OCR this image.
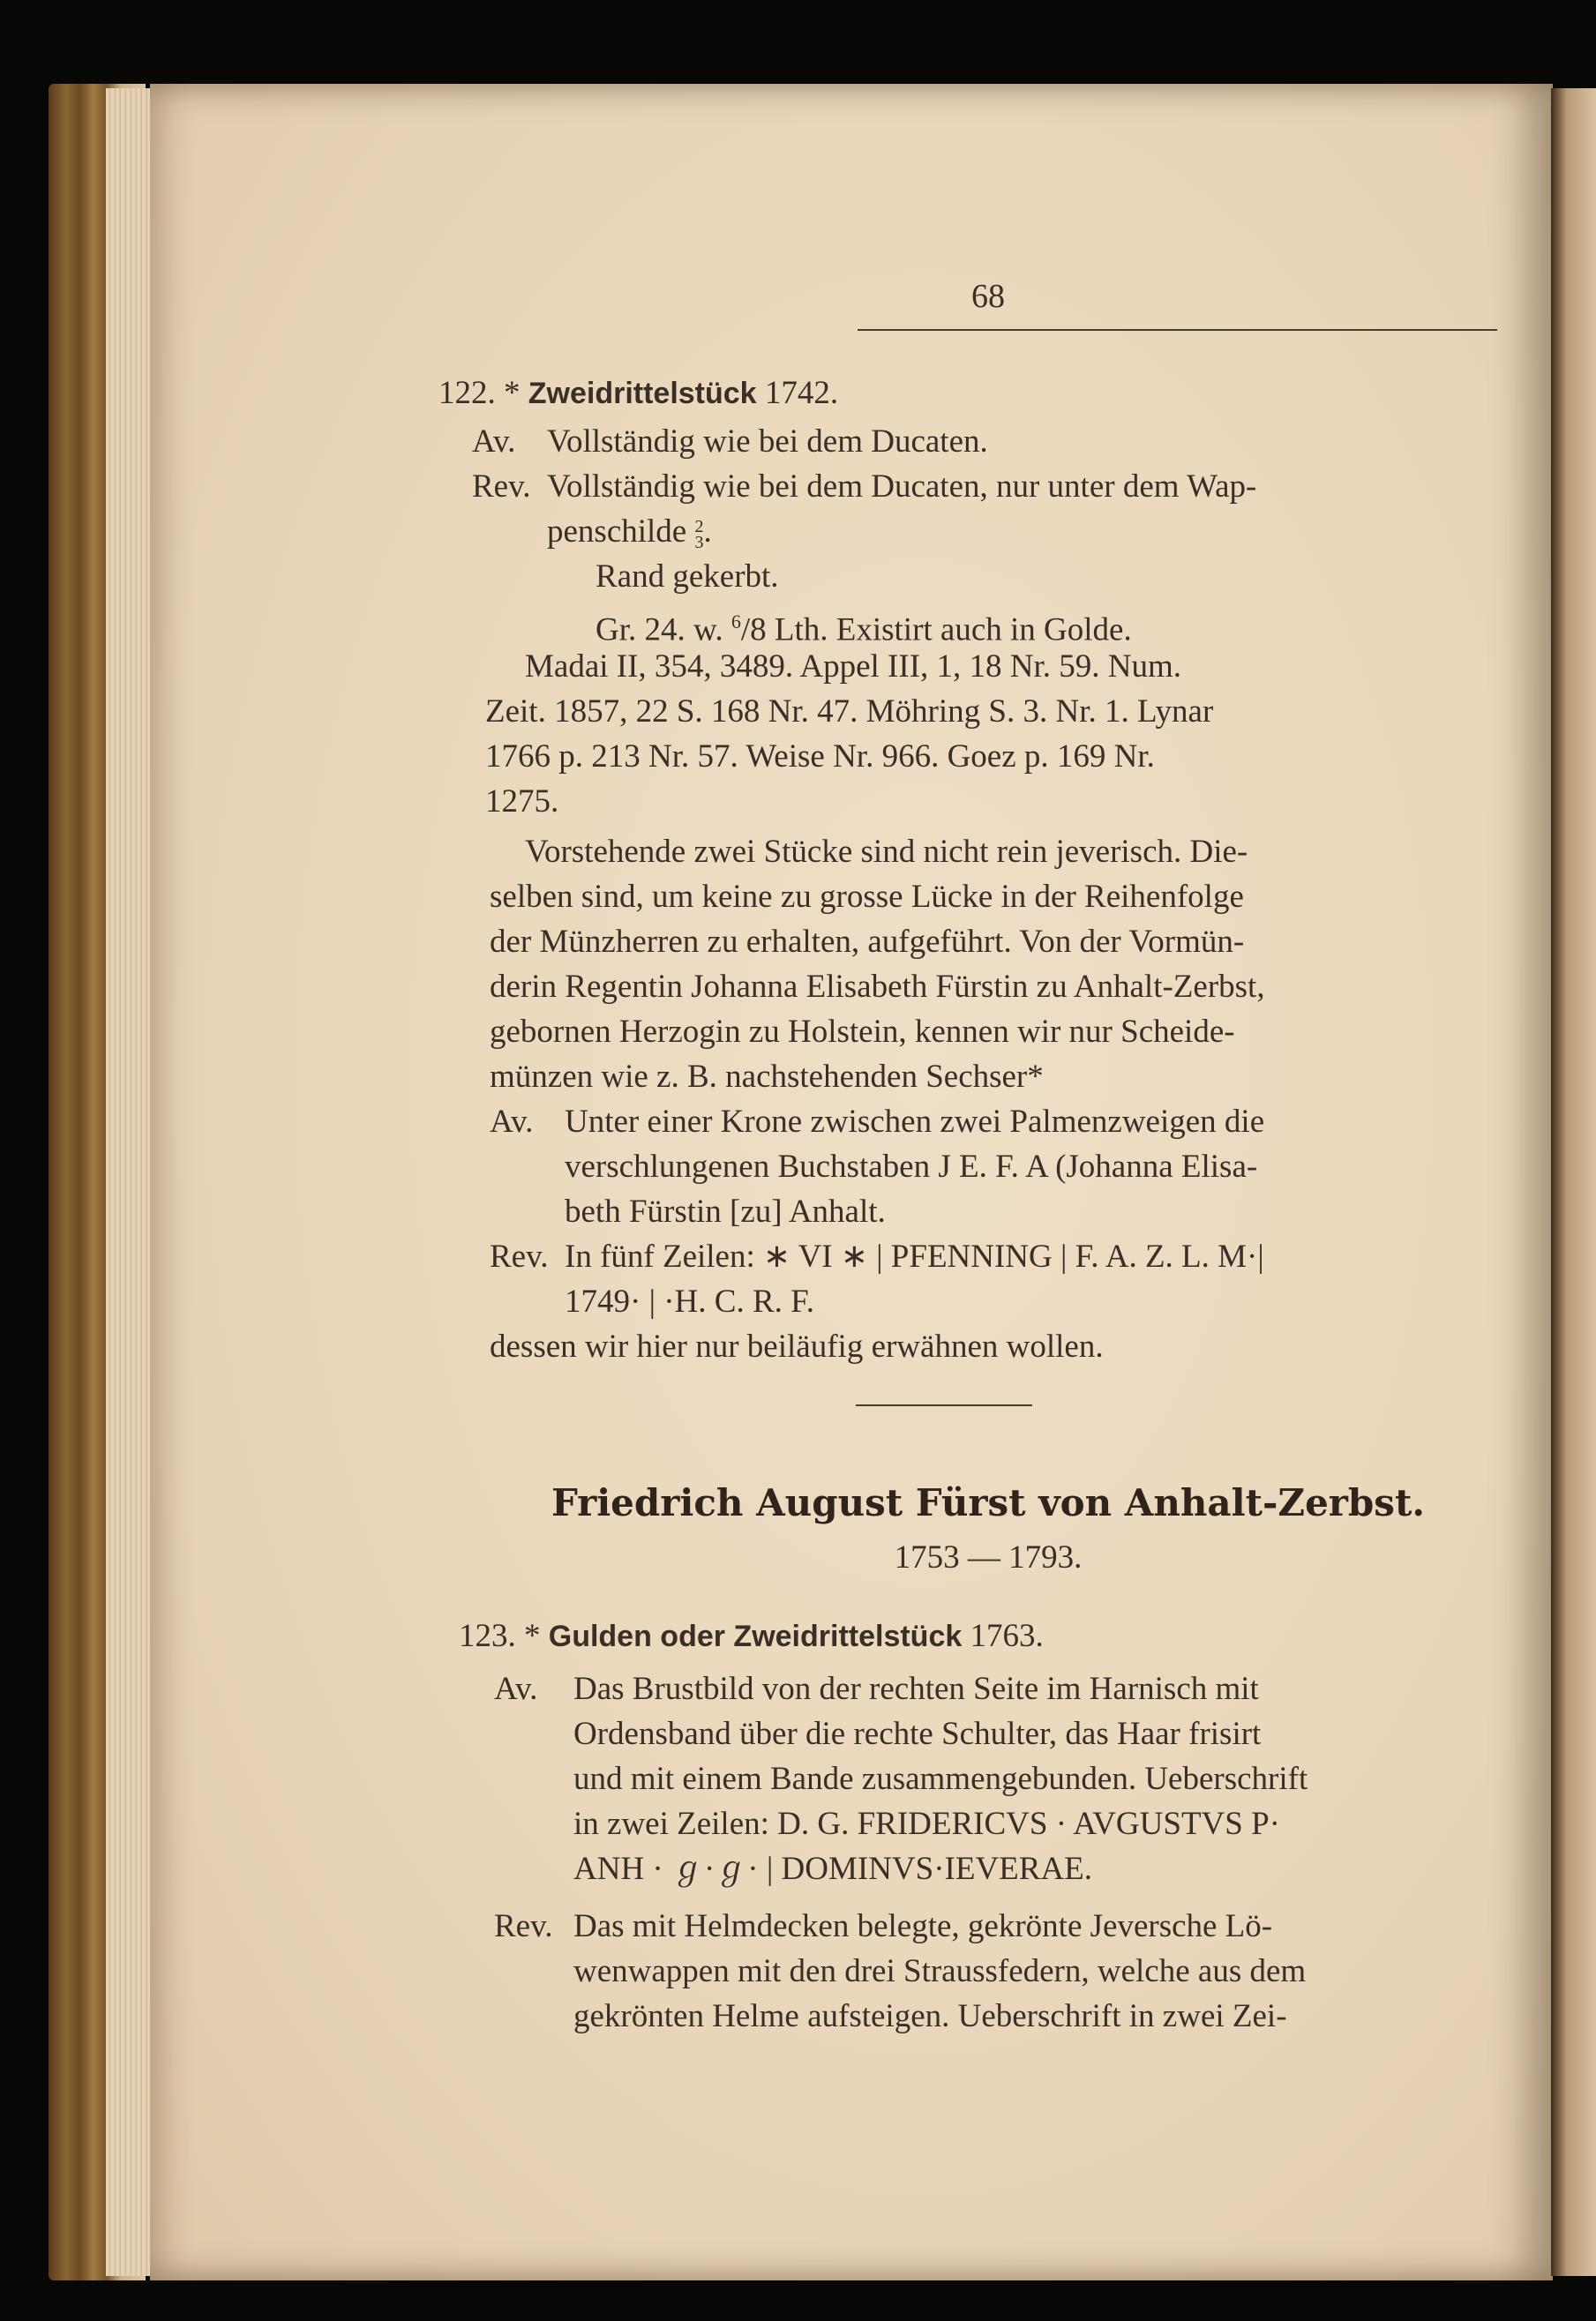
68
122. * Zweidrittelstück 1742.
Av. Vollständig wie bei dem Ducaten.
Rev. Vollständig wie bei dem Ducaten, nur unter dem Wap-
penschilde 2
3.
Rand gekerbt.
Gr. 24. w. $^6$/8 Lth. Existirt auch in Golde.
Madai II, 354, 3489. Appel III, 1, 18 Nr. 59. Num.
Zeit. 1857, 22 S. 168 Nr. 47. Möhring S. 3. Nr. 1. Lynar
1766 p. 213 Nr. 57. Weise Nr. 966. Goez p. 169 Nr.
1275.
Vorstehende zwei Stücke sind nicht rein jeverisch. Die-
selben sind, um keine zu grosse Lücke in der Reihenfolge
der Münzherren zu erhalten, aufgeführt. Von der Vormün-
derin Regentin Johanna Elisabeth Fürstin zu Anhalt-Zerbst,
gebornen Herzogin zu Holstein, kennen wir nur Scheide-
münzen wie z. B. nachstehenden Sechser*
Av. Unter einer Krone zwischen zwei Palmenzweigen die
verschlungenen Buchstaben J E. F. A (Johanna Elisa-
beth Fürstin [zu] Anhalt.
Rev. In fünf Zeilen: ∗ VI ∗ | PFENNING | F. A. Z. L. M·|
1749· | ·H. C. R. F.
dessen wir hier nur beiläufig erwähnen wollen.
Friedrich August Fürst von Anhalt-Zerbst.
1753 — 1793.
123. * Gulden oder Zweidrittelstück 1763.
Av. Das Brustbild von der rechten Seite im Harnisch mit
Ordensband über die rechte Schulter, das Haar frisirt
und mit einem Bande zusammengebunden. Ueberschrift
in zwei Zeilen: D. G. FRIDERICVS · AVGUSTVS P·
ANH · ℊ·ℊ· | DOMINVS·IEVERAE.
Rev. Das mit Helmdecken belegte, gekrönte Jeversche Lö-
wenwappen mit den drei Straussfedern, welche aus dem
gekrönten Helme aufsteigen. Ueberschrift in zwei Zei-
